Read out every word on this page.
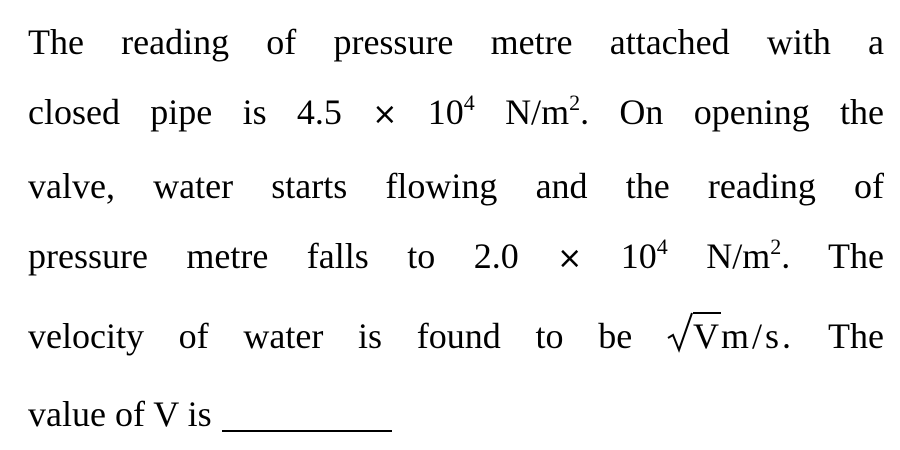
The reading of pressure metre attached with a
closed pipe is $4.5 \times 10^4$ $N/m^2$. On opening the
valve, water starts flowing and the reading of
pressure metre falls to $2.0 \times 10^4$ $N/m^2$. The
velocity of water is found to be Vm/s. The
value of V is
